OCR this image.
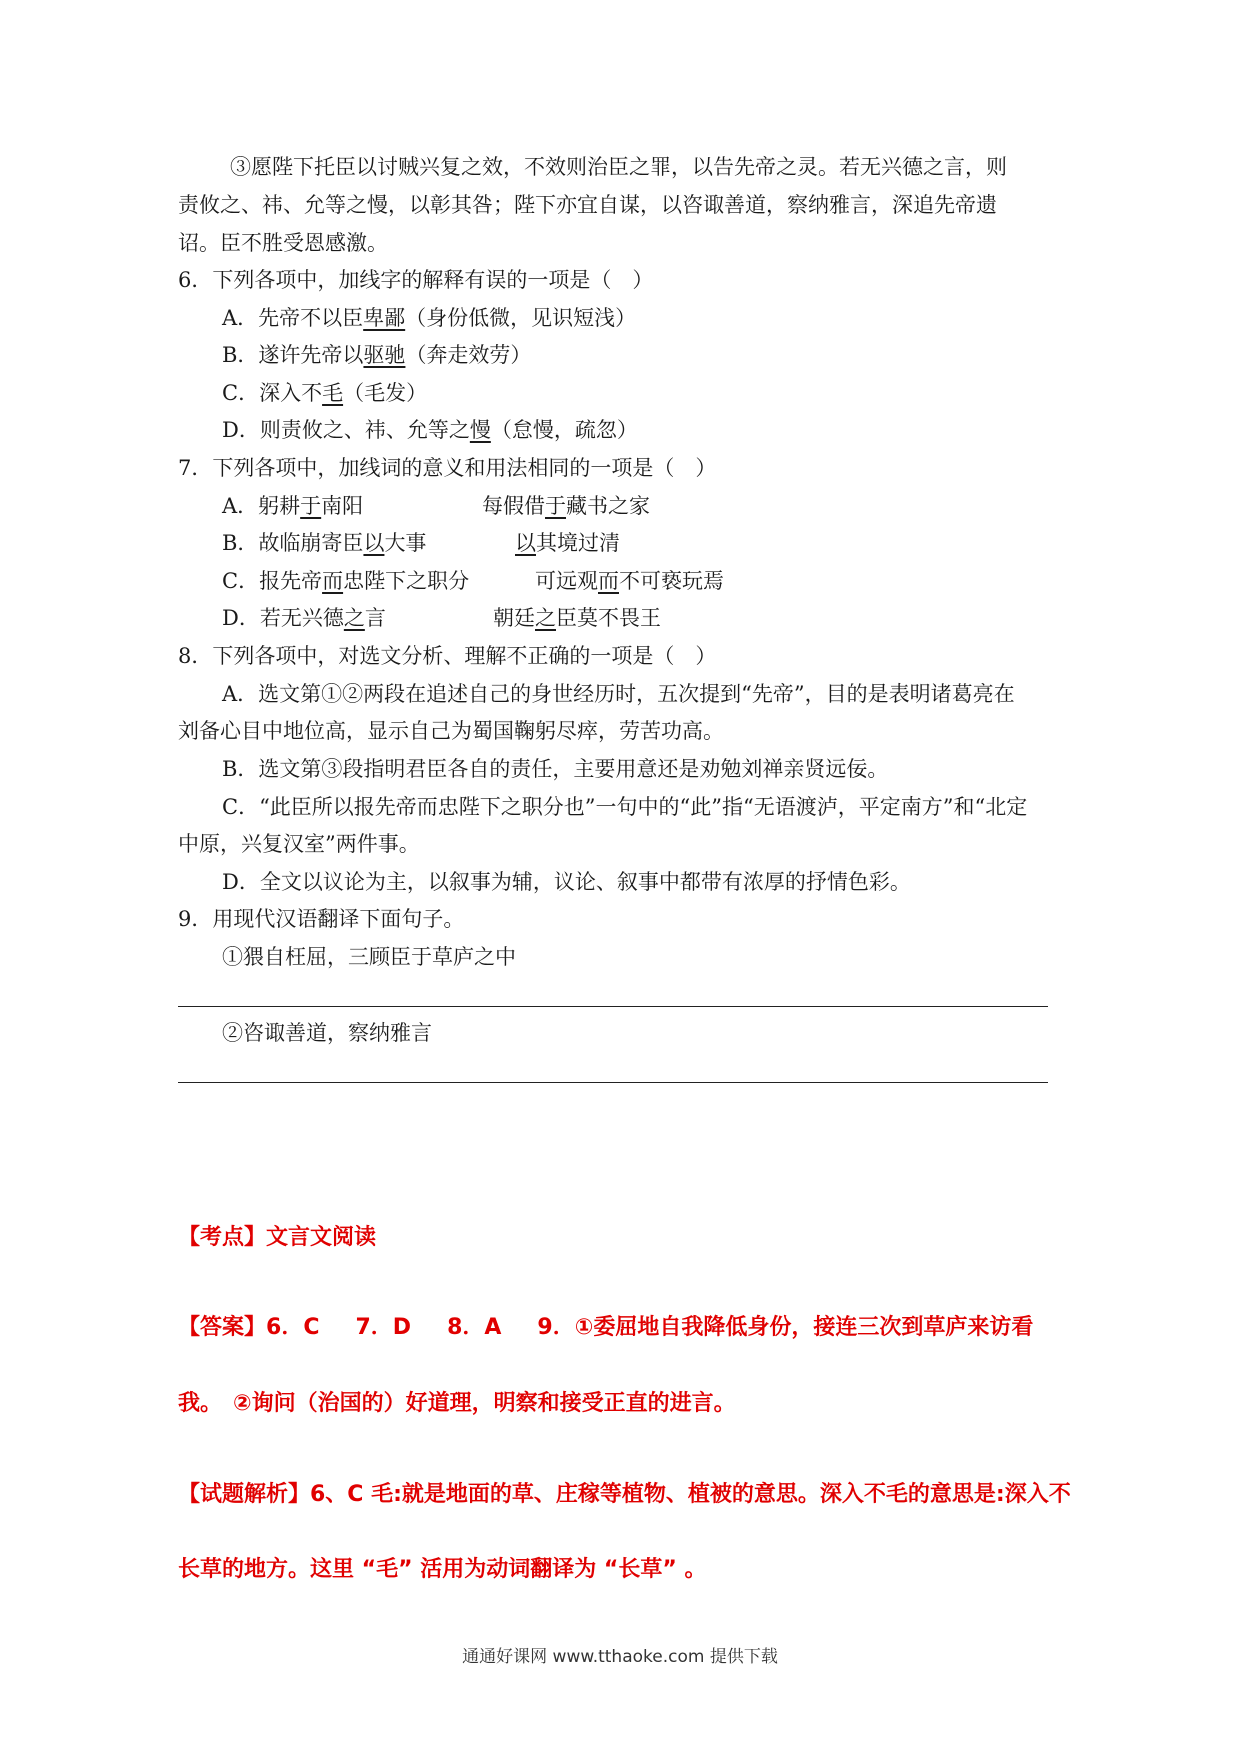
③愿陛下托臣以讨贼兴复之效，不效则治臣之罪，以告先帝之灵。若无兴德之言，则
责攸之、祎、允等之慢，以彰其咎；陛下亦宜自谋，以咨诹善道，察纳雅言，深追先帝遗
诏。臣不胜受恩感激。
6．下列各项中，加线字的解释有误的一项是（　）
A．先帝不以臣卑鄙（身份低微，见识短浅）
B．遂许先帝以驱驰（奔走效劳）
C．深入不毛（毛发）
D．则责攸之、祎、允等之慢（怠慢，疏忽）
7．下列各项中，加线词的意义和用法相同的一项是（　）
A．躬耕于南阳	每假借于藏书之家
B．故临崩寄臣以大事	以其境过清
C．报先帝而忠陛下之职分	可远观而不可亵玩焉
D．若无兴德之言	朝廷之臣莫不畏王
8．下列各项中，对选文分析、理解不正确的一项是（　）
A．选文第①②两段在追述自己的身世经历时，五次提到“先帝”，目的是表明诸葛亮在
刘备心目中地位高，显示自己为蜀国鞠躬尽瘁，劳苦功高。
B．选文第③段指明君臣各自的责任，主要用意还是劝勉刘禅亲贤远佞。
C．“此臣所以报先帝而忠陛下之职分也”一句中的“此”指“无语渡泸，平定南方”和“北定
中原，兴复汉室”两件事。
D．全文以议论为主，以叙事为辅，议论、叙事中都带有浓厚的抒情色彩。
9．用现代汉语翻译下面句子。
①猥自枉屈，三顾臣于草庐之中
②咨诹善道，察纳雅言
【考点】文言文阅读
【答案】6．C 7．D 8．A 9．①委屈地自我降低身份，接连三次到草庐来访看
我。　②询问（治国的）好道理，明察和接受正直的进言。
【试题解析】6、C 毛:就是地面的草、庄稼等植物、植被的意思。深入不毛的意思是:深入不
长草的地方。这里 “毛” 活用为动词翻译为 “长草” 。
通通好课网 www.tthaoke.com 提供下载
